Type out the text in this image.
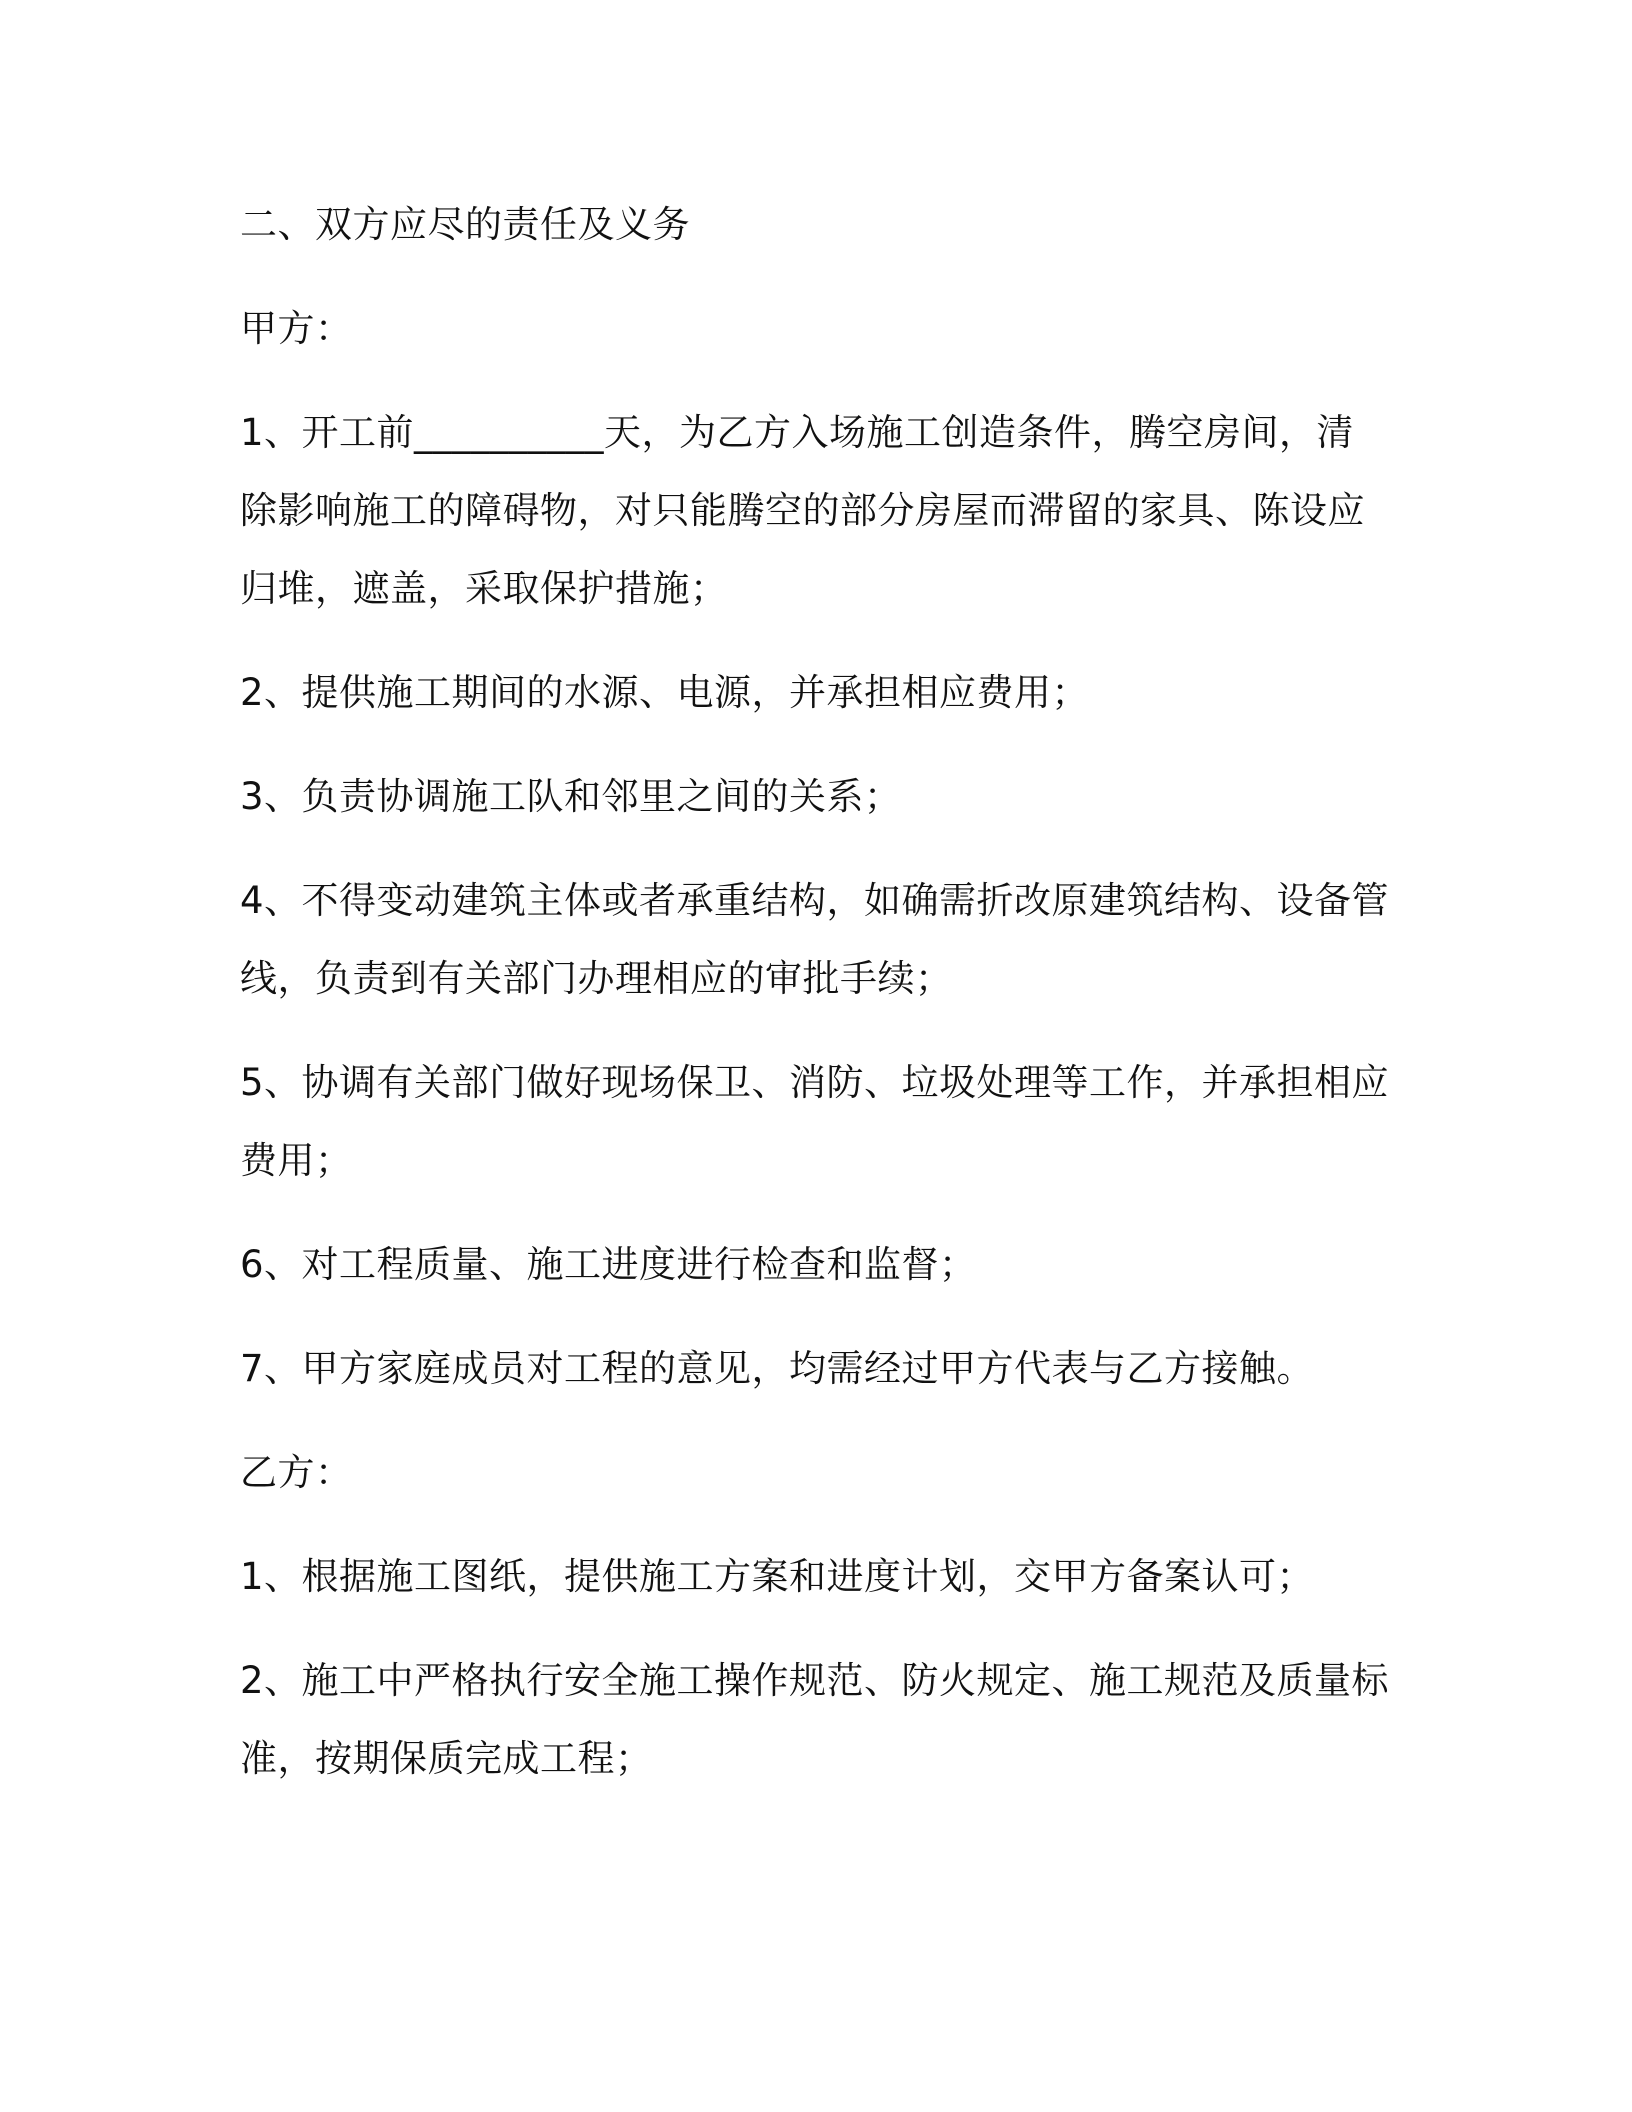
二、双方应尽的责任及义务

甲方：

1、开工前__________天，为乙方入场施工创造条件，腾空房间，清除影响施工的障碍物，对只能腾空的部分房屋而滞留的家具、陈设应归堆，遮盖，采取保护措施；

2、提供施工期间的水源、电源，并承担相应费用；

3、负责协调施工队和邻里之间的关系；

4、不得变动建筑主体或者承重结构，如确需折改原建筑结构、设备管线，负责到有关部门办理相应的审批手续；

5、协调有关部门做好现场保卫、消防、垃圾处理等工作，并承担相应费用；

6、对工程质量、施工进度进行检查和监督；

7、甲方家庭成员对工程的意见，均需经过甲方代表与乙方接触。

乙方：

1、根据施工图纸，提供施工方案和进度计划，交甲方备案认可；

2、施工中严格执行安全施工操作规范、防火规定、施工规范及质量标准，按期保质完成工程；
